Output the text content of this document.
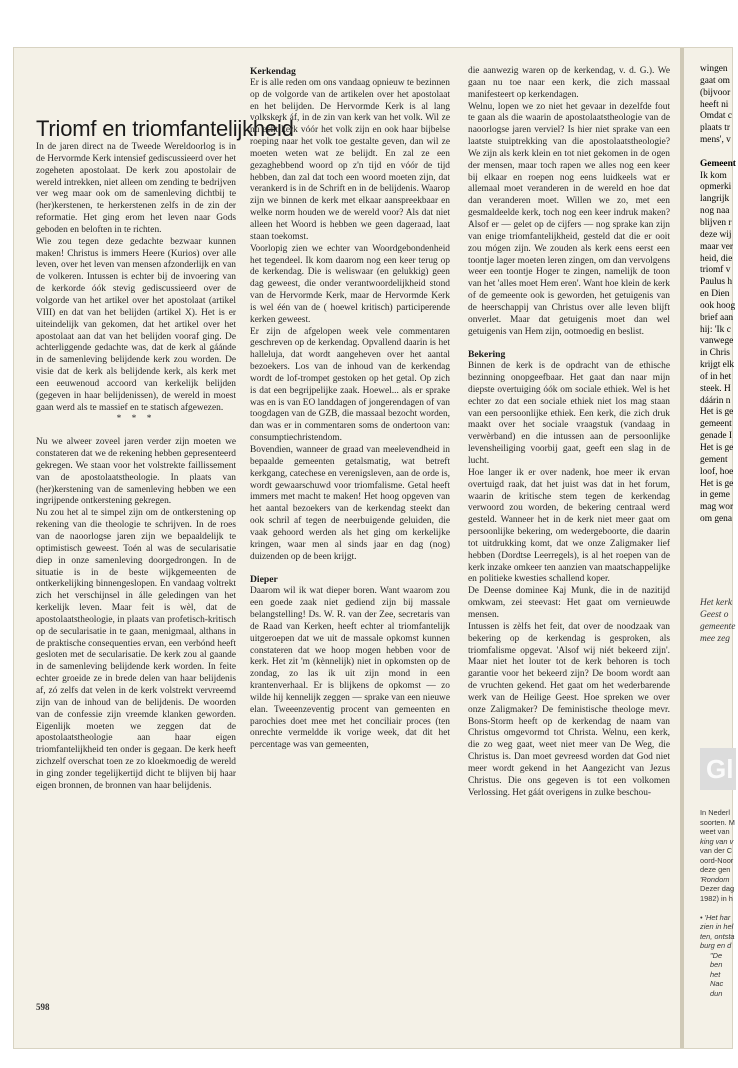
Triomf en triomfantelijkheid

In de jaren direct na de Tweede Wereldoorlog is in de Hervormde Kerk intensief gediscussieerd over het zogeheten apostolaat. De kerk zou apostolair de wereld intrekken, niet alleen om zending te bedrijven ver weg maar ook om de samenleving dichtbij te (her)kerstenen, te herkerstenen zelfs in de zin der reformatie. Het ging erom het leven naar Gods geboden en beloften in te richten.

Wie zou tegen deze gedachte bezwaar kunnen maken! Christus is immers Heere (Kurios) over alle leven, over het leven van mensen afzonderlijk en van de volkeren. Intussen is echter bij de invoering van de kerkorde óók stevig gediscussieerd over de volgorde van het artikel over het apostolaat (artikel VIII) en dat van het belijden (artikel X). Het is er uiteindelijk van gekomen, dat het artikel over het apostolaat aan dat van het belijden vooraf ging. De achterliggende gedachte was, dat de kerk al gáánde in de samenleving belijdende kerk zou worden. De visie dat de kerk als belijdende kerk, als kerk met een eeuwenoud accoord van kerkelijk belijden (gegeven in haar belijdenissen), de wereld in moest gaan werd als te massief en te statisch afgewezen.

* * *

Nu we alweer zoveel jaren verder zijn moeten we constateren dat we de rekening hebben gepresenteerd gekregen. We staan voor het volstrekte faillissement van de apostolaatstheologie. In plaats van (her)kerstening van de samenleving hebben we een ingrijpende ontkerstening gekregen.

Nu zou het al te simpel zijn om de ontkerstening op rekening van die theologie te schrijven. In de roes van de naoorlogse jaren zijn we bepaaldelijk te optimistisch geweest. Toén al was de secularisatie diep in onze samenleving doorgedrongen. In de situatie is in de beste wijkgemeenten de ontkerkelijking binnengeslopen. En vandaag voltrekt zich het verschijnsel in álle geledingen van het kerkelijk leven. Maar feit is wèl, dat de apostolaatstheologie, in plaats van profetisch-kritisch op de secularisatie in te gaan, menigmaal, althans in de praktische consequenties ervan, een verbónd heeft gesloten met de secularisatie. De kerk zou al gaande in de samenleving belijdende kerk worden. In feite echter groeide ze in brede delen van haar belijdenis af, zó zelfs dat velen in de kerk volstrekt vervreemd zijn van de inhoud van de belijdenis. De woorden van de confessie zijn vreemde klanken geworden. Eigenlijk moeten we zeggen dat de apostolaatstheologie aan haar eigen triomfantelijkheid ten onder is gegaan. De kerk heeft zichzelf overschat toen ze zo kloekmoedig de wereld in ging zonder tegelijkertijd dicht te blijven bij haar eigen bronnen, de bronnen van haar belijdenis.

Kerkendag

Er is alle reden om ons vandaag opnieuw te bezinnen op de volgorde van de artikelen over het apostolaat en het belijden. De Hervormde Kerk is al lang volkskerk áf, in de zin van kerk van het volk. Wil ze nu echt kerk vóór het volk zijn en ook haar bijbelse roeping naar het volk toe gestalte geven, dan wil ze moeten weten wat ze belijdt. En zal ze een gezaghebbend woord op z'n tijd en vóór de tijd hebben, dan zal dat toch een woord moeten zijn, dat verankerd is in de Schrift en in de belijdenis. Waarop zijn we binnen de kerk met elkaar aanspreekbaar en welke norm houden we de wereld voor? Als dat niet alleen het Woord is hebben we geen dageraad, laat staan toekomst.

Voorlopig zien we echter van Woordgebondenheid het tegendeel. Ik kom daarom nog een keer terug op de kerkendag. Die is weliswaar (en gelukkig) geen dag geweest, die onder verantwoordelijkheid stond van de Hervormde Kerk, maar de Hervormde Kerk is wel één van de ( hoewel kritisch) participerende kerken geweest.

Er zijn de afgelopen week vele commentaren geschreven op de kerkendag. Opvallend daarin is het halleluja, dat wordt aangeheven over het aantal bezoekers. Los van de inhoud van de kerkendag wordt de lof-trompet gestoken op het getal. Op zich is dat een begrijpelijke zaak. Hoewel... als er sprake was en is van EO landdagen of jongerendagen of van toogdagen van de GZB, die massaal bezocht worden, dan was er in commentaren soms de ondertoon van: consumptiechristendom.

Bovendien, wanneer de graad van meelevendheid in bepaalde gemeenten getalsmatig, wat betreft kerkgang, catechese en verenigsleven, aan de orde is, wordt gewaarschuwd voor triomfalisme. Getal heeft immers met macht te maken! Het hoog opgeven van het aantal bezoekers van de kerkendag steekt dan ook schril af tegen de neerbuigende geluiden, die vaak gehoord werden als het ging om kerkelijke kringen, waar men al sinds jaar en dag (nog) duizenden op de been krijgt.

Dieper

Daarom wil ik wat dieper boren. Want waarom zou een goede zaak niet gediend zijn bij massale belangstelling! Ds. W. R. van der Zee, secretaris van de Raad van Kerken, heeft echter al triomfantelijk uitgeroepen dat we uit de massale opkomst kunnen constateren dat we hoop mogen hebben voor de kerk. Het zit 'm (kènnelijk) niet in opkomsten op de zondag, zo las ik uit zijn mond in een krantenverhaal. Er is blijkens de opkomst — zo wilde hij kennelijk zeggen — sprake van een nieuwe elan. Tweeenzeventig procent van gemeenten en parochies doet mee met het conciliair proces (ten onrechte vermeldde ik vorige week, dat dit het percentage was van gemeenten,

die aanwezig waren op de kerkendag, v. d. G.). We gaan nu toe naar een kerk, die zich massaal manifesteert op kerkendagen.

Welnu, lopen we zo niet het gevaar in dezelfde fout te gaan als die waarin de apostolaatstheologie van de naoorlogse jaren verviel? Is hier niet sprake van een laatste stuiptrekking van die apostolaatstheologie? We zijn als kerk klein en tot niet gekomen in de ogen der mensen, maar toch rapen we alles nog een keer bij elkaar en roepen nog eens luidkeels wat er allemaal moet veranderen in de wereld en hoe dat dan veranderen moet. Willen we zo, met een gesmaldeelde kerk, toch nog een keer indruk maken? Alsof er — gelet op de cijfers — nog sprake kan zijn van enige triomfantelijkheid, gesteld dat die er ooit zou mógen zijn. We zouden als kerk eens eerst een toontje lager moeten leren zingen, om dan vervolgens weer een toontje Hoger te zingen, namelijk de toon van het 'alles moet Hem eren'. Want hoe klein de kerk of de gemeente ook is geworden, het getuigenis van de heerschappij van Christus over alle leven blijft onverlet. Maar dat getuigenis moet dan wel getuigenis van Hem zijn, ootmoedig en beslist.

Bekering

Binnen de kerk is de opdracht van de ethische bezinning onopgeefbaar. Het gaat dan naar mijn diepste overtuiging óók om sociale ethiek. Wel is het echter zo dat een sociale ethiek niet los mag staan van een persoonlijke ethiek. Een kerk, die zich druk maakt over het sociale vraagstuk (vandaag in verwèrband) en die intussen aan de persoonlijke levensheiliging voorbij gaat, geeft een slag in de lucht.

Hoe langer ik er over nadenk, hoe meer ik ervan overtuigd raak, dat het juist was dat in het forum, waarin de kritische stem tegen de kerkendag verwoord zou worden, de bekering centraal werd gesteld. Wanneer het in de kerk niet meer gaat om persoonlijke bekering, om wedergeboorte, die daarin tot uitdrukking komt, dat we onze Zaligmaker lief hebben (Dordtse Leerregels), is al het roepen van de kerk inzake omkeer ten aanzien van maatschappelijke en politieke kwesties schallend koper.

De Deense dominee Kaj Munk, die in de nazitijd omkwam, zei steevast: Het gaat om vernieuwde mensen.

Intussen is zèlfs het feit, dat over de noodzaak van bekering op de kerkendag is gesproken, als triomfalisme opgevat. 'Alsof wij niét bekeerd zijn'. Maar niet het louter tot de kerk behoren is toch garantie voor het bekeerd zijn? De boom wordt aan de vruchten gekend. Het gaat om het wederbarende werk van de Heilige Geest. Hoe spreken we over onze Zaligmaker? De feministische theologe mevr. Bons-Storm heeft op de kerkendag de naam van Christus omgevormd tot Christa. Welnu, een kerk, die zo weg gaat, weet niet meer van De Weg, die Christus is. Dan moet gevreesd worden dat God niet meer wordt gekend in het Aangezicht van Jezus Christus. Die ons gegeven is tot een volkomen Verlossing. Het gáát overigens in zulke beschou-

wingen
gaat om
(bijvoor
heeft ni
Omdat c
plaats tr
mens', v

Gemeent
Ik kom
opmerki
langrijk
nog naa
blijven r
deze wij
maar ver
heid, die
triomf v
Paulus h
en Dien
ook hoog
brief aan
hij: 'Ik c
vanwege
in Chris
krijgt elk
of in het
steek. H
dáárin n
Het is ge
gemeent
genade I
Het is ge
gement
loof, hoe
Het is ge
in geme
mag wor
om gena
Het kerk
Geest o
gemeente
mee zeg
Gl
In Nederl
soorten. M
weet van
king van v
van der C
oord-Noor
deze gen
'Rondom
Dezer dag
1982) in h

• 'Het har
zien in hel
ten, ontsta
burg en d
"De
ben
het
Nac
dun
598
